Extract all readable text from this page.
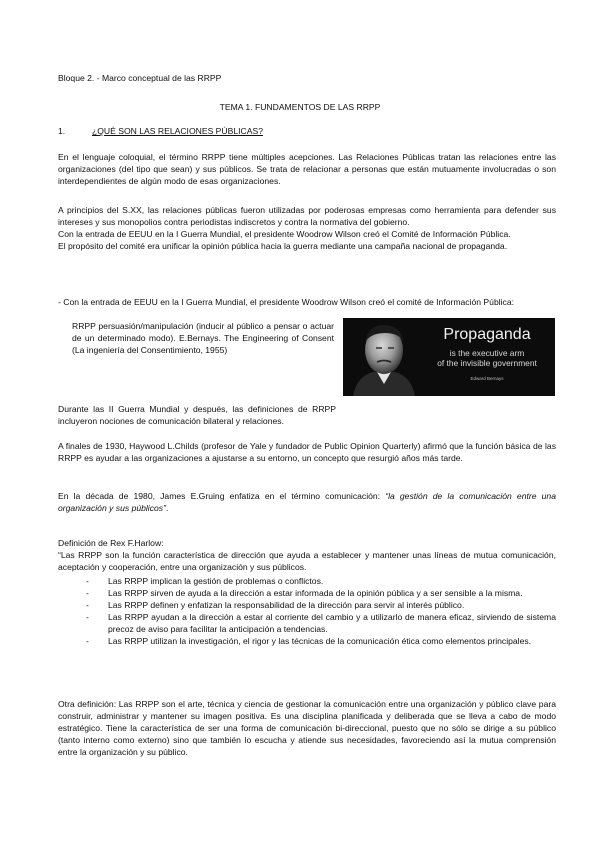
Bloque 2. - Marco conceptual de las RRPP

TEMA 1. FUNDAMENTOS DE LAS RRPP

1.	¿QUÉ SON LAS RELACIONES PÚBLICAS?

En el lenguaje coloquial, el término RRPP tiene múltiples acepciones. Las Relaciones Públicas tratan las relaciones entre las organizaciones (del tipo que sean) y sus públicos. Se trata de relacionar a personas que están mutuamente involucradas o son interdependientes de algún modo de esas organizaciones.

A principios del S.XX, las relaciones públicas fueron utilizadas por poderosas empresas como herramienta para defender sus intereses y sus monopolios contra periodistas indiscretos y contra la normativa del gobierno.
Con la entrada de EEUU en la I Guerra Mundial, el presidente Woodrow Wilson creó el Comité de Información Pública.
El propósito del comité era unificar la opinión pública hacia la guerra mediante una campaña nacional de propaganda.

- Con la entrada de EEUU en la I Guerra Mundial, el presidente Woodrow Wilson creó el comité de Información Pública:

RRPP persuasión/manipulación (inducir al público a pensar o actuar de un determinado modo). E.Bernays. The Engineering of Consent (La ingeniería del Consentimiento, 1955)

Propaganda
is the executive arm
of the invisible government
Edward Bernays

Durante las II Guerra Mundial y después, las definiciones de RRPP incluyeron nociones de comunicación bilateral y relaciones.

A finales de 1930, Haywood L.Childs (profesor de Yale y fundador de Public Opinion Quarterly) afirmó que la función básica de las RRPP es ayudar a las organizaciones a ajustarse a su entorno, un concepto que resurgió años más tarde.

En la década de 1980, James E.Gruing enfatiza en el término comunicación: “la gestión de la comunicación entre una organización y sus públicos”.

Definición de Rex F.Harlow:

“Las RRPP son la función característica de dirección que ayuda a establecer y mantener unas líneas de mutua comunicación, aceptación y cooperación, entre una organización y sus públicos.

- Las RRPP implican la gestión de problemas o conflictos.
- Las RRPP sirven de ayuda a la dirección a estar informada de la opinión pública y a ser sensible a la misma.
- Las RRPP definen y enfatizan la responsabilidad de la dirección para servir al interés público.
- Las RRPP ayudan a la dirección a estar al corriente del cambio y a utilizarlo de manera eficaz, sirviendo de sistema precoz de aviso para facilitar la anticipación a tendencias.
- Las RRPP utilizan la investigación, el rigor y las técnicas de la comunicación ética como elementos principales.

Otra definición: Las RRPP son el arte, técnica y ciencia de gestionar la comunicación entre una organización y público clave para construir, administrar y mantener su imagen positiva. Es una disciplina planificada y deliberada que se lleva a cabo de modo estratégico. Tiene la característica de ser una forma de comunicación bi-direccional, puesto que no sólo se dirige a su público (tanto interno como externo) sino que también lo escucha y atiende sus necesidades, favoreciendo así la mutua comprensión entre la organización y su público.
